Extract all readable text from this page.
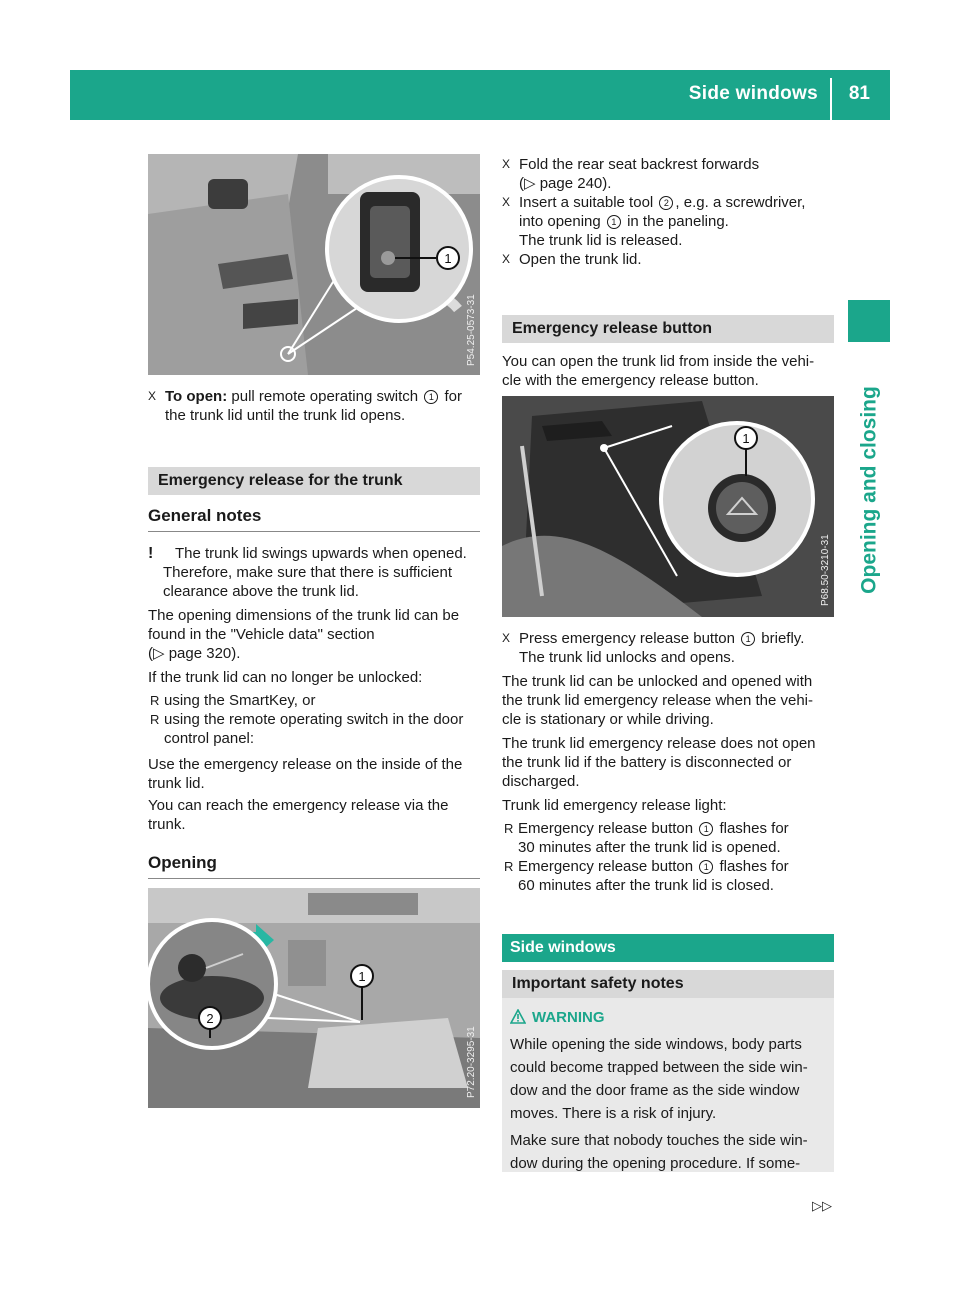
Side windows 81
Opening and closing
1
P54.25-0573-31

X To open: pull remote operating switch 1 for

the trunk lid until the trunk lid opens.

Emergency release for the trunk
General notes

! The trunk lid swings upwards when opened.

Therefore, make sure that there is sufficient

clearance above the trunk lid.

The opening dimensions of the trunk lid can be

found in the "Vehicle data" section

(▷ page 320).

If the trunk lid can no longer be unlocked:

R using the SmartKey, or

R using the remote operating switch in the door

control panel:

Use the emergency release on the inside of the

trunk lid.

You can reach the emergency release via the

trunk.

Opening
2
1
P72.20-3295-31

X Fold the rear seat backrest forwards

(▷ page 240).

X Insert a suitable tool 2 , e.g. a screwdriver,

into opening 1 in the paneling.

The trunk lid is released.

X Open the trunk lid.

Emergency release button

You can open the trunk lid from inside the vehi-

cle with the emergency release button.

1
P68.50-3210-31

X Press emergency release button 1 briefly.

The trunk lid unlocks and opens.

The trunk lid can be unlocked and opened with

the trunk lid emergency release when the vehi-

cle is stationary or while driving.

The trunk lid emergency release does not open

the trunk lid if the battery is disconnected or

discharged.

Trunk lid emergency release light:

R Emergency release button 1 flashes for

30 minutes after the trunk lid is opened.

R Emergency release button 1 flashes for

60 minutes after the trunk lid is closed.

Side windows
Important safety notes
WARNING

While opening the side windows, body parts

could become trapped between the side win-

dow and the door frame as the side window

moves. There is a risk of injury.

Make sure that nobody touches the side win-

dow during the opening procedure. If some-

▷▷
